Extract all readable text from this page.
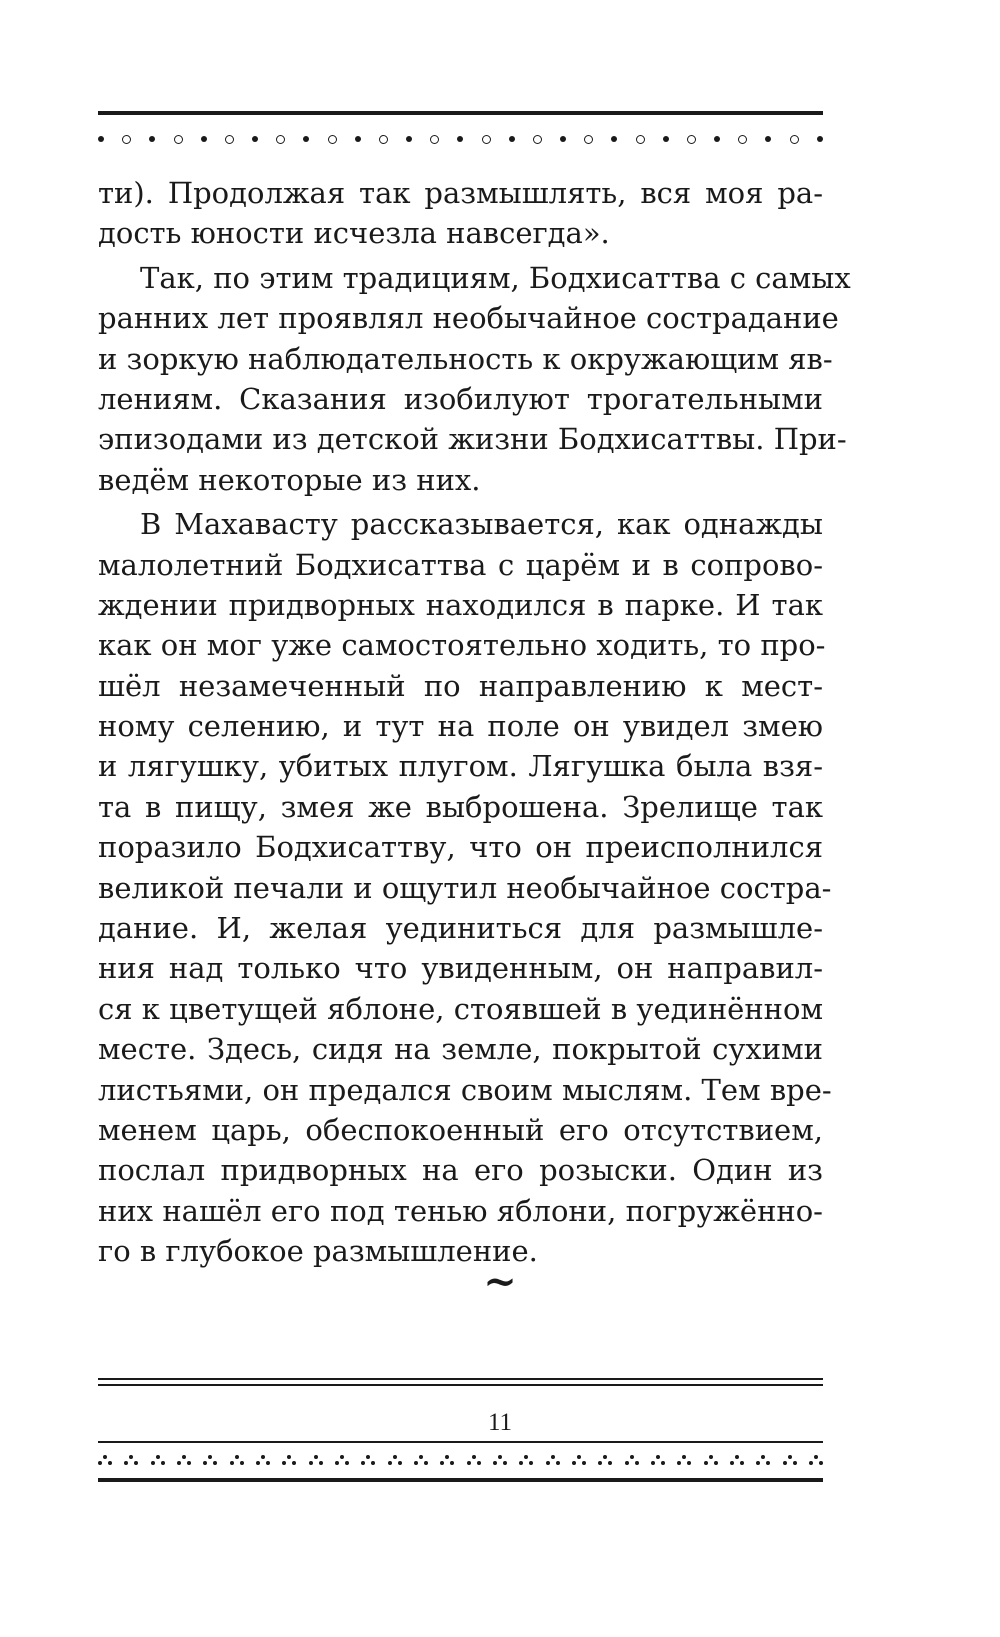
ти). Продолжая так размышлять, вся моя ра-
дость юности исчезла навсегда».
Так, по этим традициям, Бодхисаттва с самых
ранних лет проявлял необычайное сострадание
и зоркую наблюдательность к окружающим яв-
лениям. Сказания изобилуют трогательными
эпизодами из детской жизни Бодхисаттвы. При-
ведём некоторые из них.
В Махавасту рассказывается, как однажды
малолетний Бодхисаттва с царём и в сопрово-
ждении придворных находился в парке. И так
как он мог уже самостоятельно ходить, то про-
шёл незамеченный по направлению к мест-
ному селению, и тут на поле он увидел змею
и лягушку, убитых плугом. Лягушка была взя-
та в пищу, змея же выброшена. Зрелище так
поразило Бодхисаттву, что он преисполнился
великой печали и ощутил необычайное состра-
дание. И, желая уединиться для размышле-
ния над только что увиденным, он направил-
ся к цветущей яблоне, стоявшей в уединённом
месте. Здесь, сидя на земле, покрытой сухими
листьями, он предался своим мыслям. Тем вре-
менем царь, обеспокоенный его отсутствием,
послал придворных на его розыски. Один из
них нашёл его под тенью яблони, погружённо-
го в глубокое размышление.
~
11
